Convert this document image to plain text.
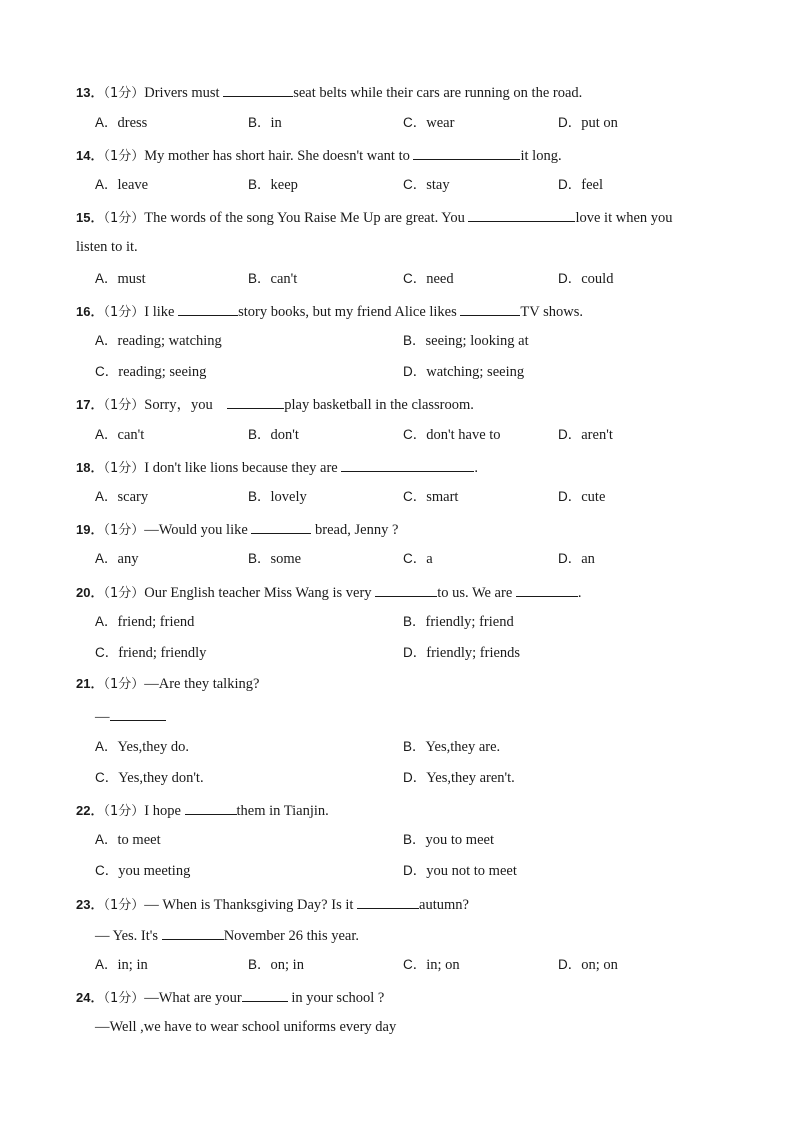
13．（1分）Drivers must	seat belts while their cars are running on the road.
A．dress	B．in	C．wear	D．put on
14．（1分）My mother has short hair. She doesn't want to	it long.
A．leave	B．keep	C．stay	D．feel
15．（1分）The words of the song You Raise Me Up are great. You	love it when you
listen to it.
A．must	B．can't	C．need	D．could
16．（1分）I like	story books, but my friend Alice likes	TV shows.
A．reading; watching	B．seeing; looking at
C．reading; seeing	D．watching; seeing
17．（1分）Sorry，you	play basketball in the classroom.
A．can't	B．don't	C．don't have to	D．aren't
18．（1分）I don't like lions because they are	.
A．scary	B．lovely	C．smart	D．cute
19．（1分）—Would you like	bread, Jenny ?
A．any	B．some	C．a	D．an
20．（1分）Our English teacher Miss Wang is very	to us. We are	.
A．friend; friend	B．friendly; friend
C．friend; friendly	D．friendly; friends
21．（1分）—Are they talking?
—
A．Yes,they do.	B．Yes,they are.
C．Yes,they don't.	D．Yes,they aren't.
22．（1分）I hope	them in Tianjin.
A．to meet	B．you to meet
C．you meeting	D．you not to meet
23．（1分）— When is Thanksgiving Day? Is it	autumn?
— Yes. It's	November 26 this year.
A．in; in	B．on; in	C．in; on	D．on; on
24．（1分）—What are your	in your school ?
—Well ,we have to wear school uniforms every day
